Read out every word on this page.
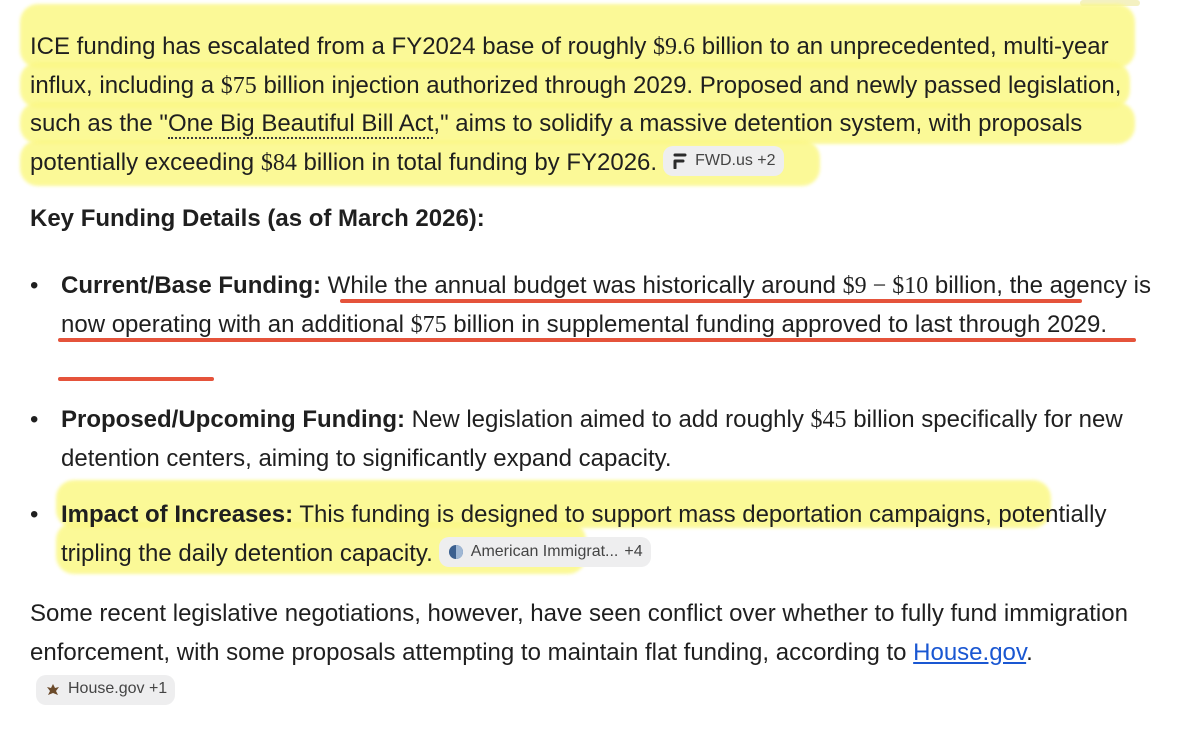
ICE funding has escalated from a FY2024 base of roughly $9.6 billion to an unprecedented, multi-year influx, including a $75 billion injection authorized through 2029. Proposed and newly passed legislation, such as the "One Big Beautiful Bill Act," aims to solidify a massive detention system, with proposals potentially exceeding $84 billion in total funding by FY2026. FWD.us +2

Key Funding Details (as of March 2026):

• Current/Base Funding: While the annual budget was historically around $9 − $10 billion, the agency is now operating with an additional $75 billion in supplemental funding approved to last through 2029.
• Proposed/Upcoming Funding: New legislation aimed to add roughly $45 billion specifically for new detention centers, aiming to significantly expand capacity.
• Impact of Increases: This funding is designed to support mass deportation campaigns, potentially tripling the daily detention capacity. American Immigrat... +4

Some recent legislative negotiations, however, have seen conflict over whether to fully fund immigration enforcement, with some proposals attempting to maintain flat funding, according to House.gov.
House.gov +1
